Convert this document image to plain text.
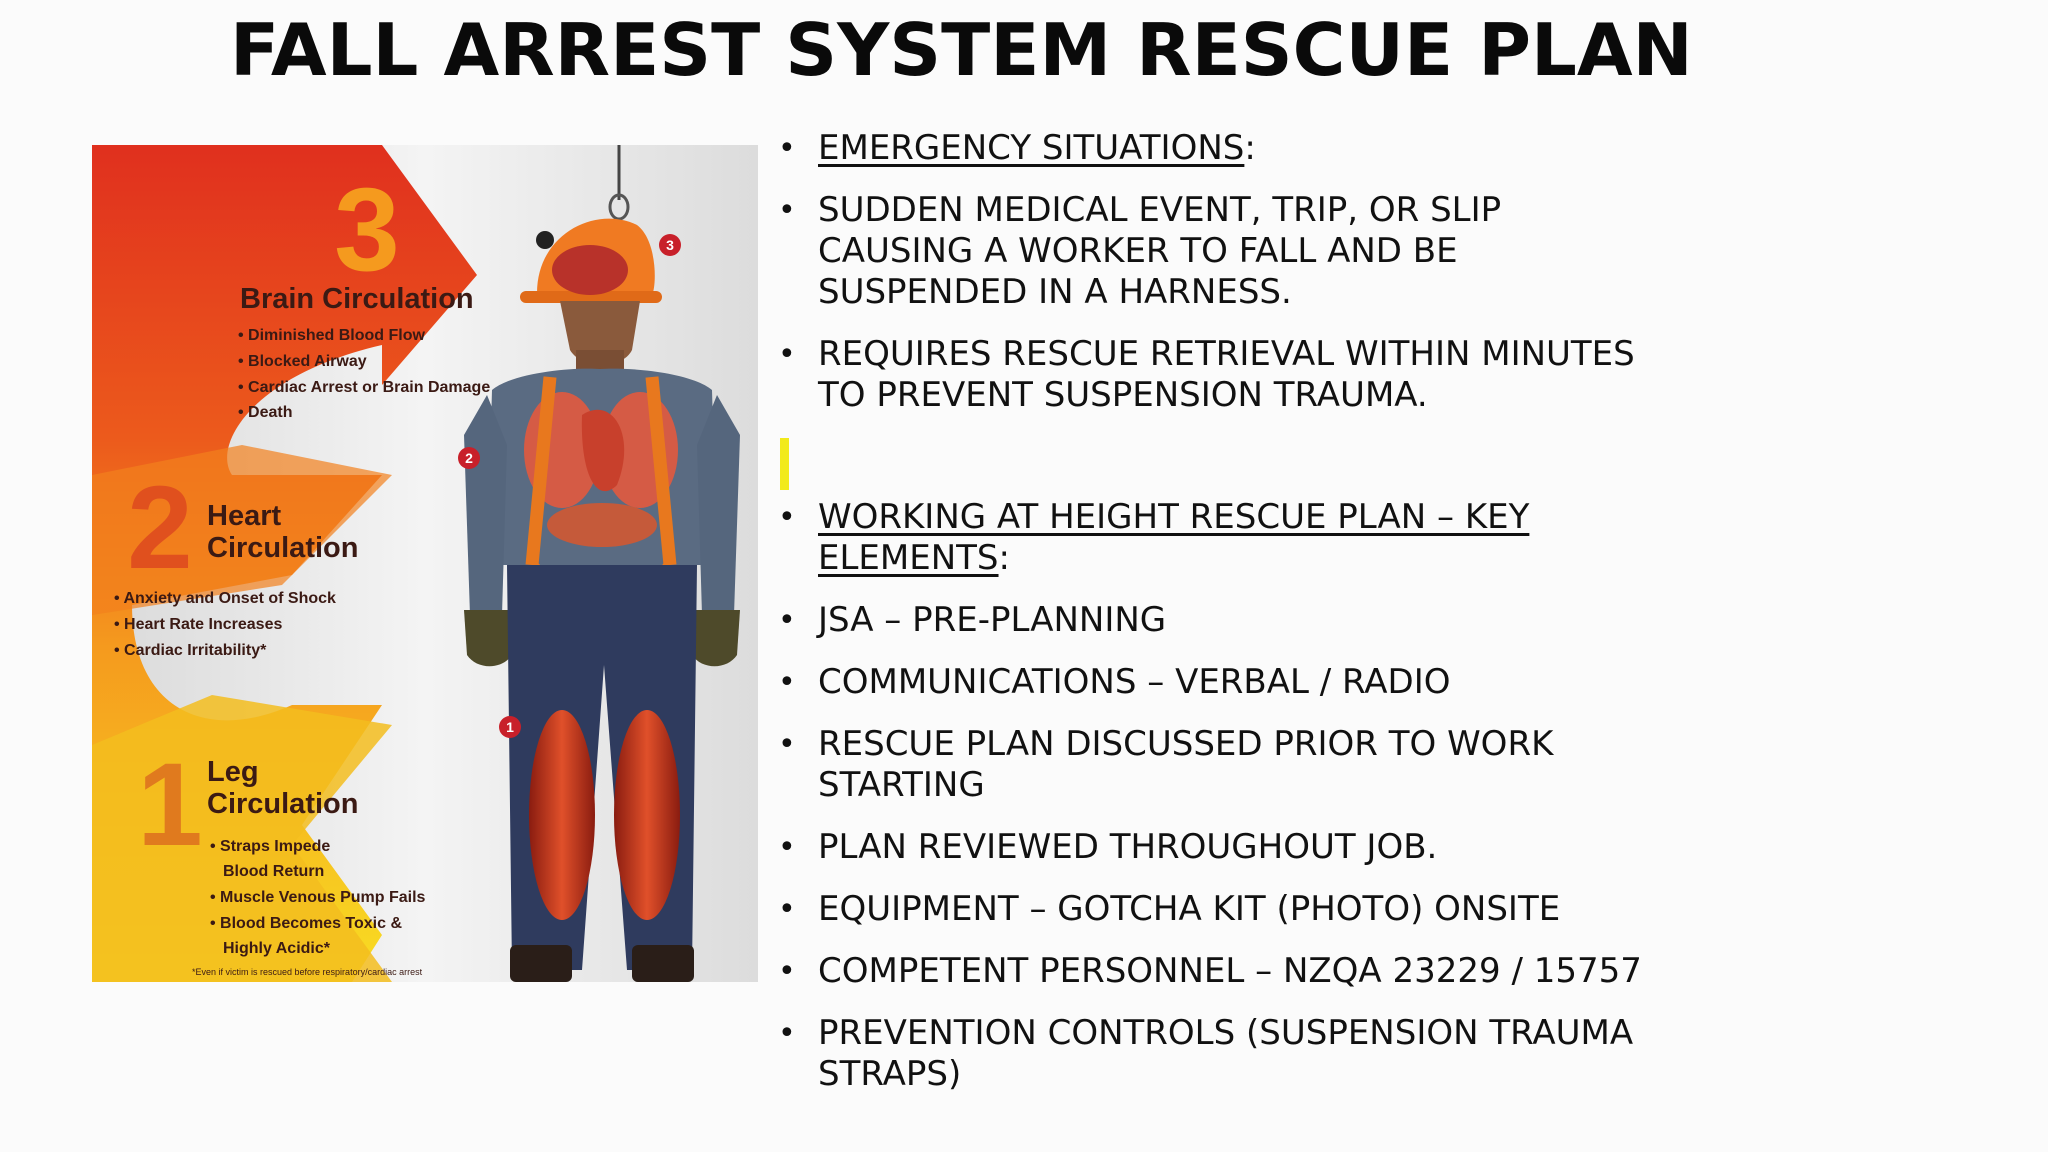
FALL ARREST SYSTEM RESCUE PLAN
3
Brain Circulation
• Diminished Blood Flow
• Blocked Airway
• Cardiac Arrest or Brain Damage
• Death
2 Heart
Circulation
• Anxiety and Onset of Shock
• Heart Rate Increases
• Cardiac Irritability*
1 Leg
Circulation
• Straps Impede
Blood Return
• Muscle Venous Pump Fails
• Blood Becomes Toxic &
Highly Acidic*
*Even if victim is rescued before respiratory/cardiac arrest
3
2
1
• EMERGENCY SITUATIONS:
• SUDDEN MEDICAL EVENT, TRIP, OR SLIP CAUSING A WORKER TO FALL AND BE SUSPENDED IN A HARNESS.
• REQUIRES RESCUE RETRIEVAL WITHIN MINUTES TO PREVENT SUSPENSION TRAUMA.
• WORKING AT HEIGHT RESCUE PLAN – KEY ELEMENTS:
• JSA – PRE-PLANNING
• COMMUNICATIONS – VERBAL / RADIO
• RESCUE PLAN DISCUSSED PRIOR TO WORK STARTING
• PLAN REVIEWED THROUGHOUT JOB.
• EQUIPMENT – GOTCHA KIT (PHOTO) ONSITE
• COMPETENT PERSONNEL – NZQA 23229 / 15757
• PREVENTION CONTROLS (SUSPENSION TRAUMA STRAPS)
